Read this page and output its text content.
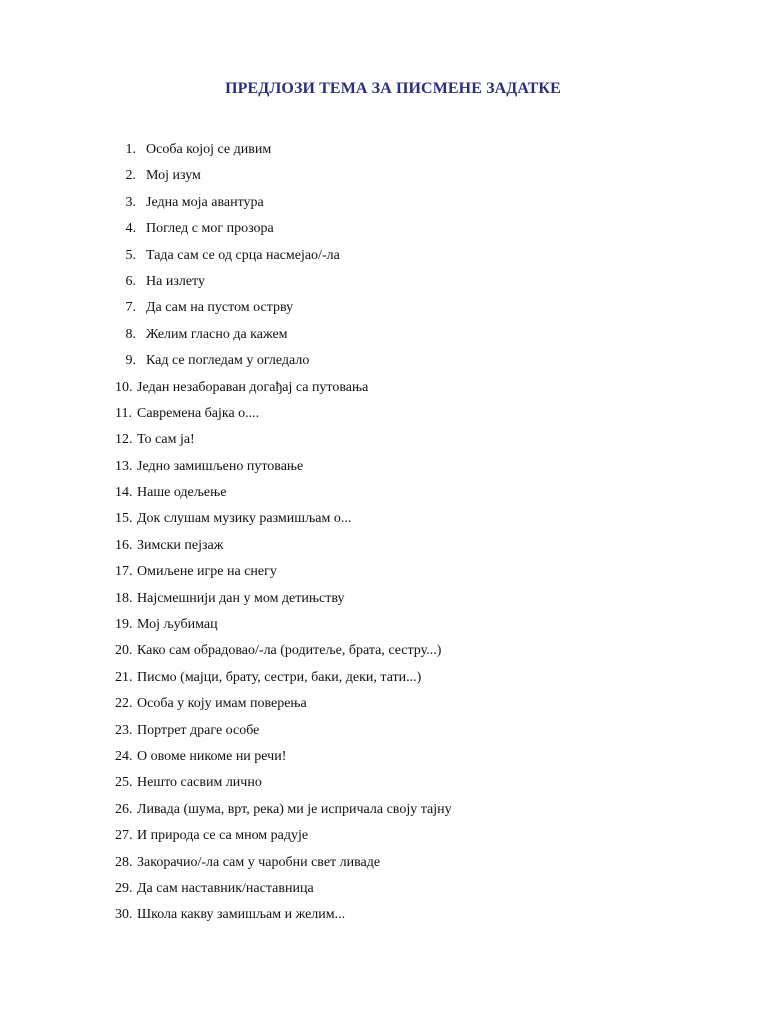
ПРЕДЛОЗИ ТЕМА ЗА ПИСМЕНЕ ЗАДАТКЕ
1. Особа којој се дивим
2. Мој изум
3. Једна моја авантура
4. Поглед с мог прозора
5. Тада сам се од срца насмејао/-ла
6. На излету
7. Да сам на пустом острву
8. Желим гласно да кажем
9. Кад се погледам у огледало
10. Један незабораван догађај са путовања
11. Савремена бајка о....
12. То сам ја!
13. Једно замишљено путовање
14. Наше одељење
15. Док слушам музику размишљам о...
16. Зимски пејзаж
17. Омиљене игре на снегу
18. Најсмешнији дан у мом детињству
19. Мој љубимац
20. Како сам обрадовао/-ла (родитеље, брата, сестру...)
21. Писмо (мајци, брату, сестри, баки, деки, тати...)
22. Особа у коју имам поверења
23. Портрет драге особе
24. О овоме никоме ни речи!
25. Нешто сасвим лично
26. Ливада (шума, врт, река) ми је испричала своју тајну
27. И природа се са мном радује
28. Закорачио/-ла сам у чаробни свет ливаде
29. Да сам наставник/наставница
30. Школа какву замишљам и желим...
